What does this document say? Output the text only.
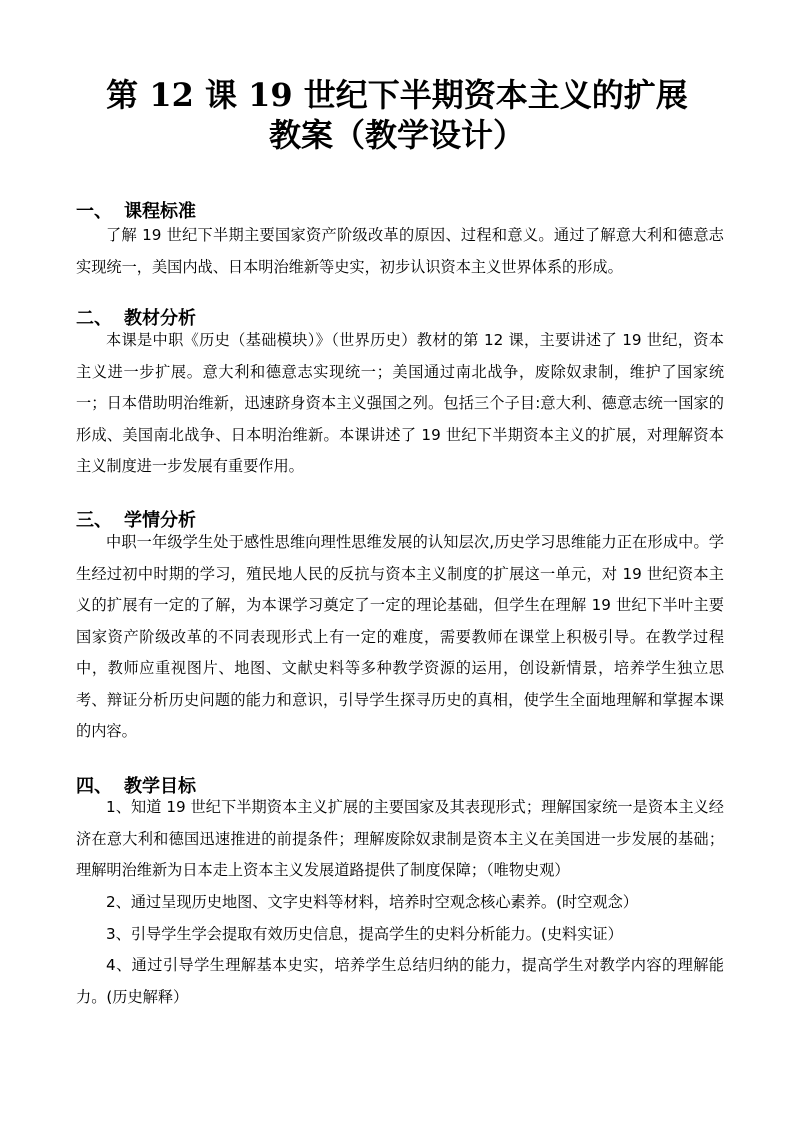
第 12 课 19 世纪下半期资本主义的扩展
教案（教学设计）
一、 课程标准

了解 19 世纪下半期主要国家资产阶级改革的原因、过程和意义。通过了解意大利和德意志实现统一，美国内战、日本明治维新等史实，初步认识资本主义世界体系的形成。

二、 教材分析

本课是中职《历史（基础模块）》（世界历史）教材的第 12 课，主要讲述了 19 世纪，资本主义进一步扩展。意大利和德意志实现统一；美国通过南北战争，废除奴隶制，维护了国家统一；日本借助明治维新，迅速跻身资本主义强国之列。包括三个子目:意大利、德意志统一国家的形成、美国南北战争、日本明治维新。本课讲述了 19 世纪下半期资本主义的扩展，对理解资本主义制度进一步发展有重要作用。

三、 学情分析

中职一年级学生处于感性思维向理性思维发展的认知层次,历史学习思维能力正在形成中。学生经过初中时期的学习，殖民地人民的反抗与资本主义制度的扩展这一单元，对 19 世纪资本主义的扩展有一定的了解，为本课学习奠定了一定的理论基础，但学生在理解 19 世纪下半叶主要国家资产阶级改革的不同表现形式上有一定的难度，需要教师在课堂上积极引导。在教学过程中，教师应重视图片、地图、文献史料等多种教学资源的运用，创设新情景，培养学生独立思考、辩证分析历史问题的能力和意识，引导学生探寻历史的真相，使学生全面地理解和掌握本课的内容。

四、 教学目标

1、知道 19 世纪下半期资本主义扩展的主要国家及其表现形式；理解国家统一是资本主义经济在意大利和德国迅速推进的前提条件；理解废除奴隶制是资本主义在美国进一步发展的基础；理解明治维新为日本走上资本主义发展道路提供了制度保障；（唯物史观）

2、通过呈现历史地图、文字史料等材料，培养时空观念核心素养。(时空观念）

3、引导学生学会提取有效历史信息，提高学生的史料分析能力。(史料实证）

4、通过引导学生理解基本史实，培养学生总结归纳的能力，提高学生对教学内容的理解能力。(历史解释）
